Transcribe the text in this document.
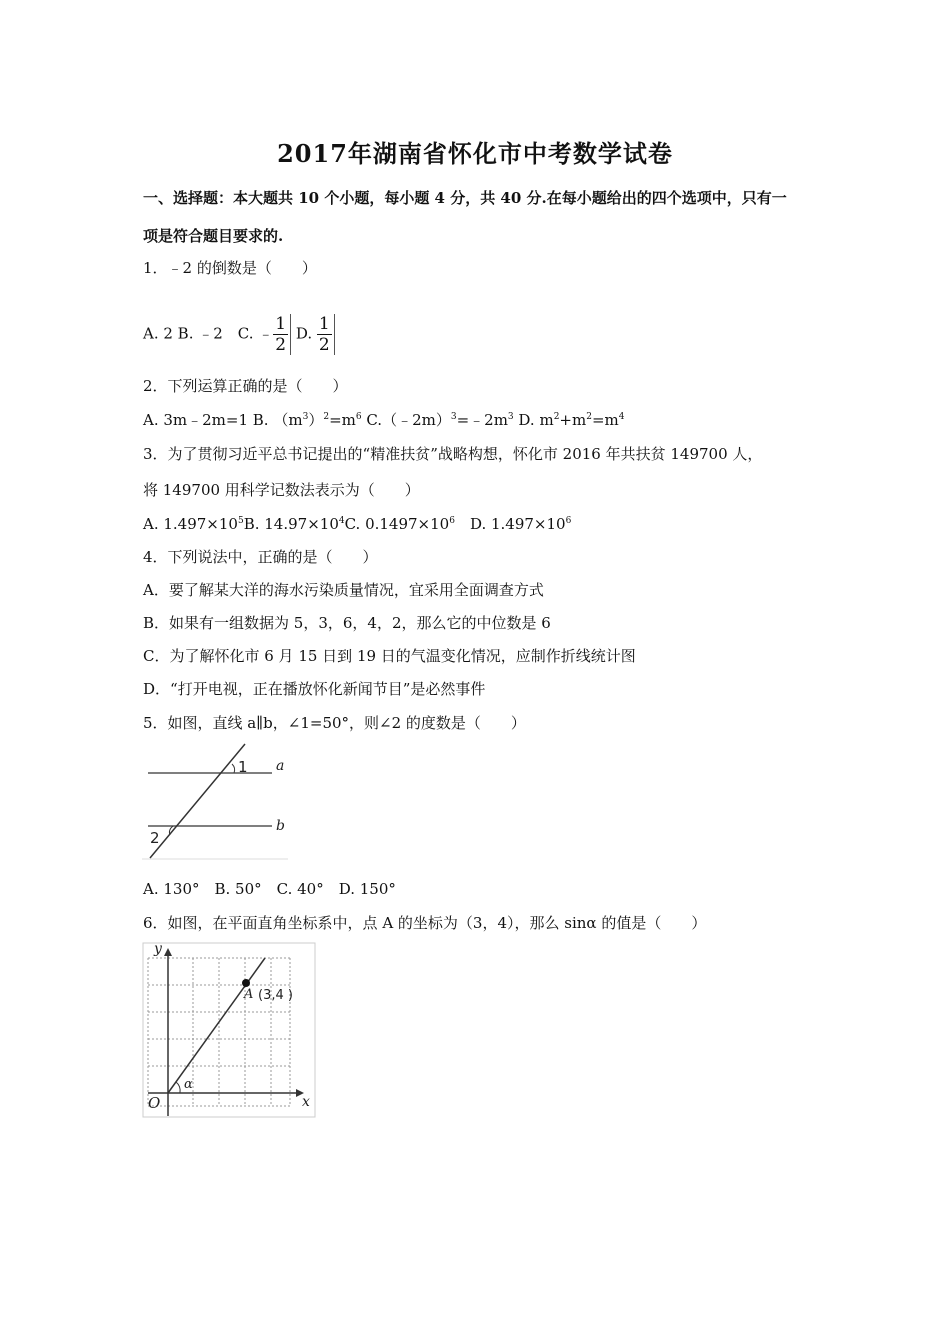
2017年湖南省怀化市中考数学试卷
一、选择题：本大题共 10 个小题，每小题 4 分，共 40 分.在每小题给出的四个选项中，只有一
项是符合题目要求的.
1．﹣2 的倒数是（　　）
A. 2 B. ﹣2　C. ﹣ $\frac{1}{2} D$. $\frac{1}{2}$
2．下列运算正确的是（　　）
A. 3m﹣2m=1 B. $(m^3)^2=m^6$ $C.(﹣2m)^3=﹣2m^3$ D. $m^2+m^2=m^4$
3．为了贯彻习近平总书记提出的“精准扶贫”战略构想，怀化市 2016 年共扶贫 149700 人，
将 149700 用科学记数法表示为（　　）
A. $1.497\times 10^5B$. $14.97\times 10^4C$. $0.1497\times 10^6$　D. $1.497\times 10^6$
4．下列说法中，正确的是（　　）
A．要了解某大洋的海水污染质量情况，宜采用全面调查方式
B．如果有一组数据为 5，3，6，4，2，那么它的中位数是 6
C．为了解怀化市 6 月 15 日到 19 日的气温变化情况，应制作折线统计图
D．“打开电视，正在播放怀化新闻节目”是必然事件
5．如图，直线 a∥b，∠1=50°，则∠2 的度数是（　　）
1
2
a
b
A. 130°　B. 50°　C. 40°　D. 150°
6．如图，在平面直角坐标系中，点 A 的坐标为（3，4），那么 sinα 的值是（　　）
y
x
O
α
A (3,4 )
